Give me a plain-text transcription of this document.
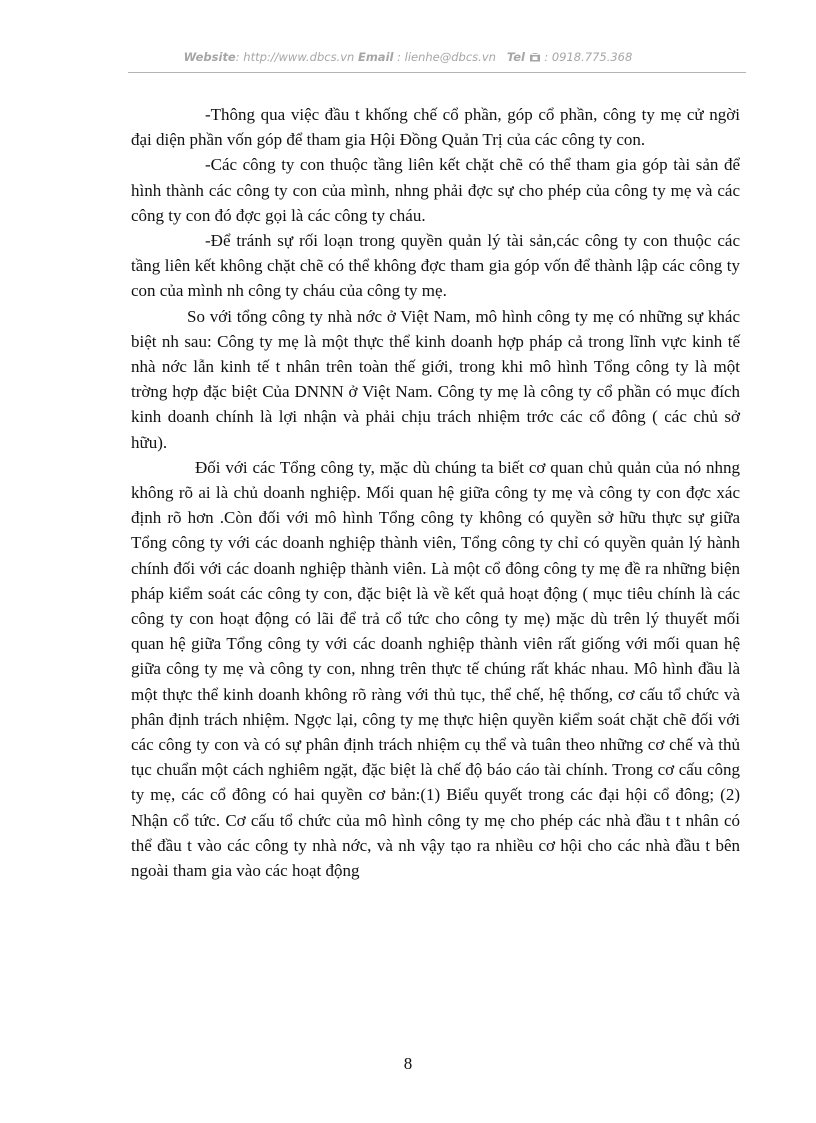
Website: http://www.dbcs.vn Email : lienhe@dbcs.vn Tel : 0918.775.368

-Thông qua việc đầu t khống chế cổ phần, góp cổ phần, công ty mẹ cử ngời đại diện phần vốn góp để tham gia Hội Đồng Quản Trị của các công ty con.

-Các công ty con thuộc tầng liên kết chặt chẽ có thể tham gia góp tài sản để hình thành các công ty con của mình, nhng phải đợc sự cho phép của công ty mẹ và các công ty con đó đợc gọi là các công ty cháu.

-Để tránh sự rối loạn trong quyền quản lý tài sản,các công ty con thuộc các tầng liên kết không chặt chẽ có thể không đợc tham gia góp vốn để thành lập các công ty con của mình nh công ty cháu của công ty mẹ.

So với tổng công ty nhà nớc ở Việt Nam, mô hình công ty mẹ có những sự khác biệt nh sau: Công ty mẹ là một thực thể kinh doanh hợp pháp cả trong lĩnh vực kinh tế nhà nớc lẫn kinh tế t nhân trên toàn thế giới, trong khi mô hình Tổng công ty là một trờng hợp đặc biệt Của DNNN ở Việt Nam. Công ty mẹ là công ty cổ phần có mục đích kinh doanh chính là lợi nhận và phải chịu trách nhiệm trớc các cổ đông ( các chủ sở hữu).

Đối với các Tổng công ty, mặc dù chúng ta biết cơ quan chủ quản của nó nhng không rõ ai là chủ doanh nghiệp. Mối quan hệ giữa công ty mẹ và công ty con đợc xác định rõ hơn .Còn đối với mô hình Tổng công ty không có quyền sở hữu thực sự giữa Tổng công ty với các doanh nghiệp thành viên, Tổng công ty chỉ có quyền quản lý hành chính đối với các doanh nghiệp thành viên. Là một cổ đông công ty mẹ đề ra những biện pháp kiểm soát các công ty con, đặc biệt là về kết quả hoạt động ( mục tiêu chính là các công ty con hoạt động có lãi để trả cổ tức cho công ty mẹ) mặc dù trên lý thuyết mối quan hệ giữa Tổng công ty với các doanh nghiệp thành viên rất giống với mối quan hệ giữa công ty mẹ và công ty con, nhng trên thực tế chúng rất khác nhau. Mô hình đầu là một thực thể kinh doanh không rõ ràng với thủ tục, thể chế, hệ thống, cơ cấu tổ chức và phân định trách nhiệm. Ngợc lại, công ty mẹ thực hiện quyền kiểm soát chặt chẽ đối với các công ty con và có sự phân định trách nhiệm cụ thể và tuân theo những cơ chế và thủ tục chuẩn một cách nghiêm ngặt, đặc biệt là chế độ báo cáo tài chính. Trong cơ cấu công ty mẹ, các cổ đông có hai quyền cơ bản:(1) Biểu quyết trong các đại hội cổ đông; (2) Nhận cổ tức. Cơ cấu tổ chức của mô hình công ty mẹ cho phép các nhà đầu t t nhân có thể đầu t vào các công ty nhà nớc, và nh vậy tạo ra nhiều cơ hội cho các nhà đầu t bên ngoài tham gia vào các hoạt động

8
